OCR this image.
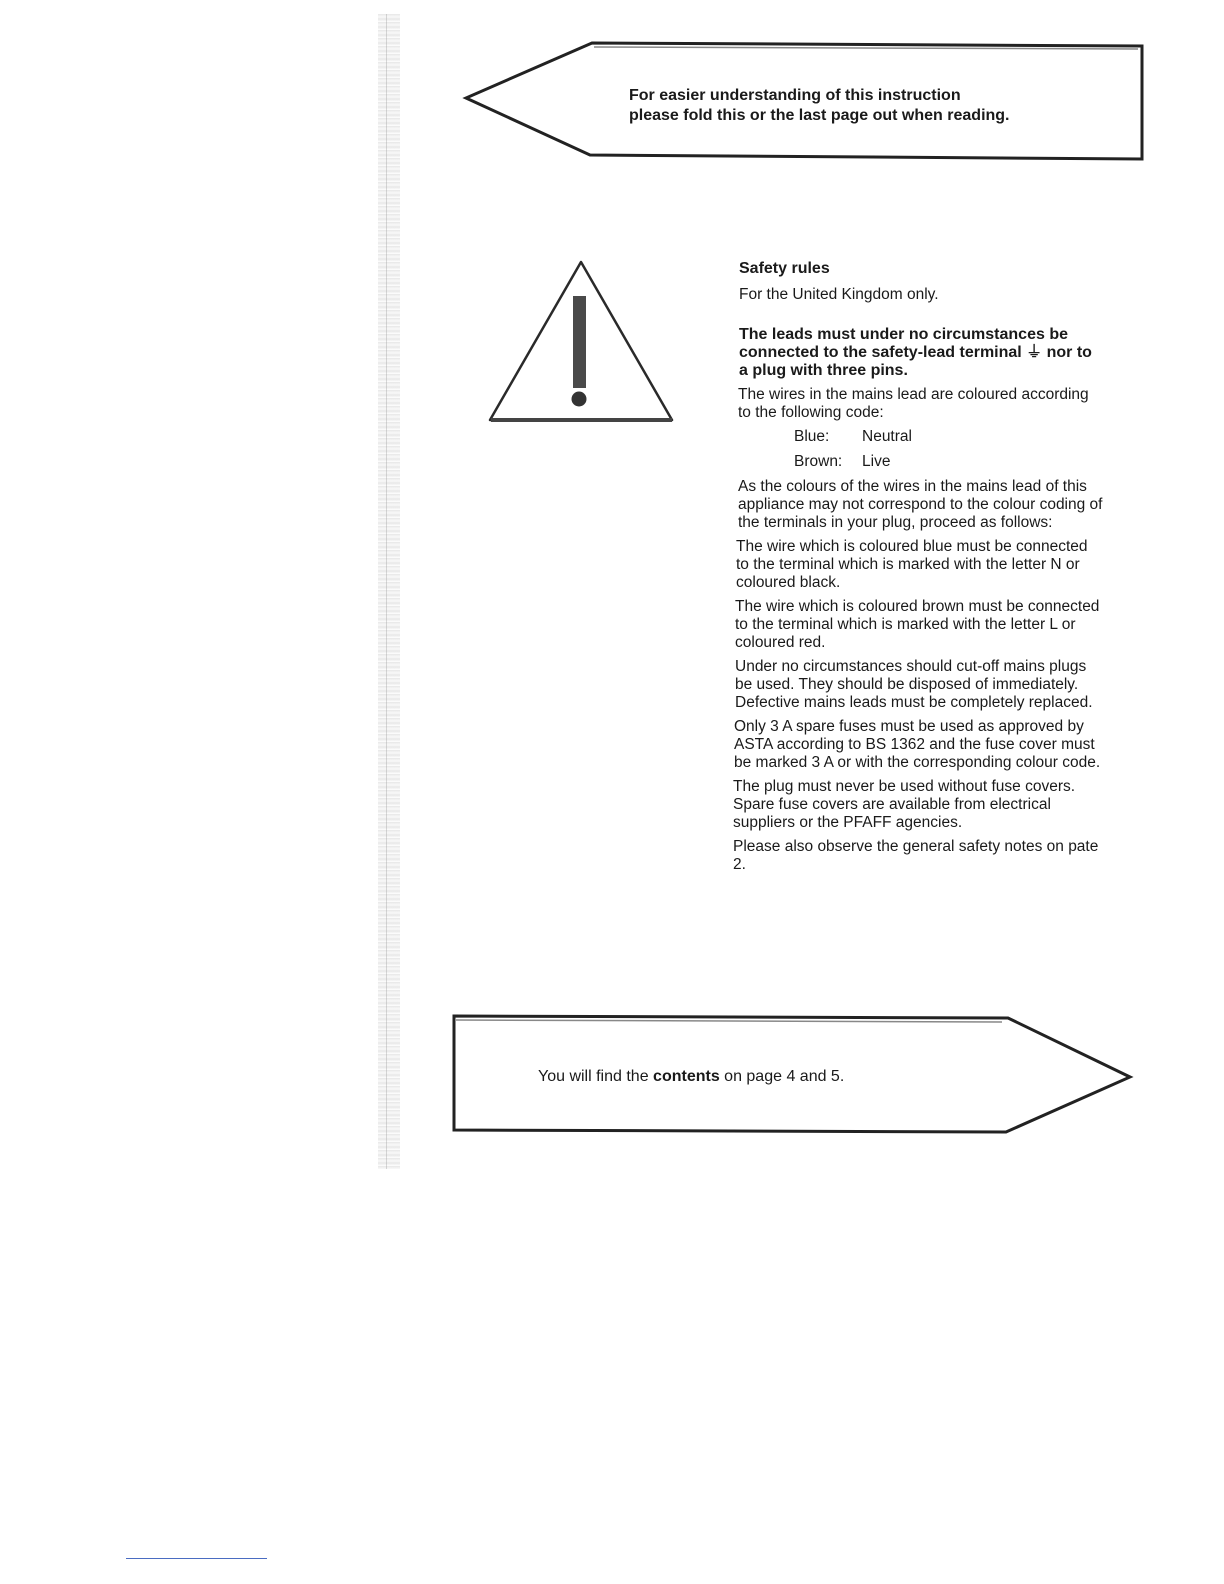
For easier understanding of this instruction
please fold this or the last page out when reading.

Safety rules

For the United Kingdom only.

The leads must under no circumstances be connected to the safety-lead terminal ⏚ nor to a plug with three pins.

The wires in the mains lead are coloured according to the following code:

Blue:	Neutral
Brown:	Live

As the colours of the wires in the mains lead of this appliance may not correspond to the colour coding of the terminals in your plug, proceed as follows:

The wire which is coloured blue must be connected to the terminal which is marked with the letter N or coloured black.

The wire which is coloured brown must be connected to the terminal which is marked with the letter L or coloured red.

Under no circumstances should cut-off mains plugs be used. They should be disposed of immediately. Defective mains leads must be completely replaced.

Only 3 A spare fuses must be used as approved by ASTA according to BS 1362 and the fuse cover must be marked 3 A or with the corresponding colour code.

The plug must never be used without fuse covers. Spare fuse covers are available from electrical suppliers or the PFAFF agencies.

Please also observe the general safety notes on pate 2.

You will find the contents on page 4 and 5.
